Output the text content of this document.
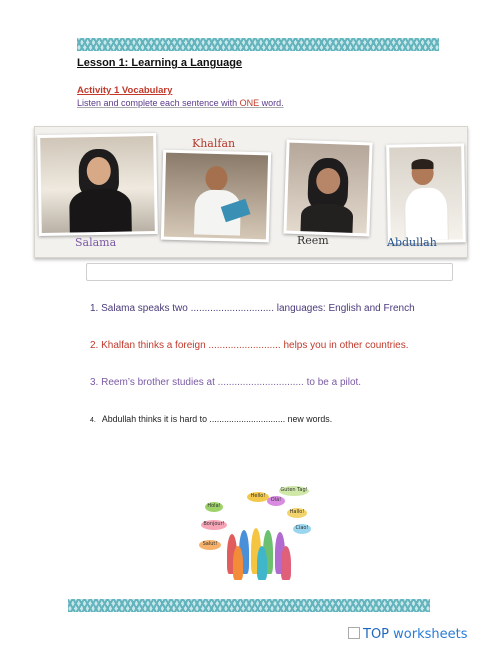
Lesson 1: Learning a Language
Activity 1 Vocabulary
Listen and complete each sentence with ONE word.
Salama
Khalfan
Reem	Abdullah
1. Salama speaks two .............................. languages: English and French
2. Khalfan thinks a foreign .......................... helps you in other countries.
3. Reem’s brother studies at ............................... to be a pilot.
4. Abdullah thinks it is hard to ............................... new words.
Hello!
Olá!
Hola!
Bonjour!
Hallo!
Guten Tag!
Ciao!
Salut!
TOP worksheets
